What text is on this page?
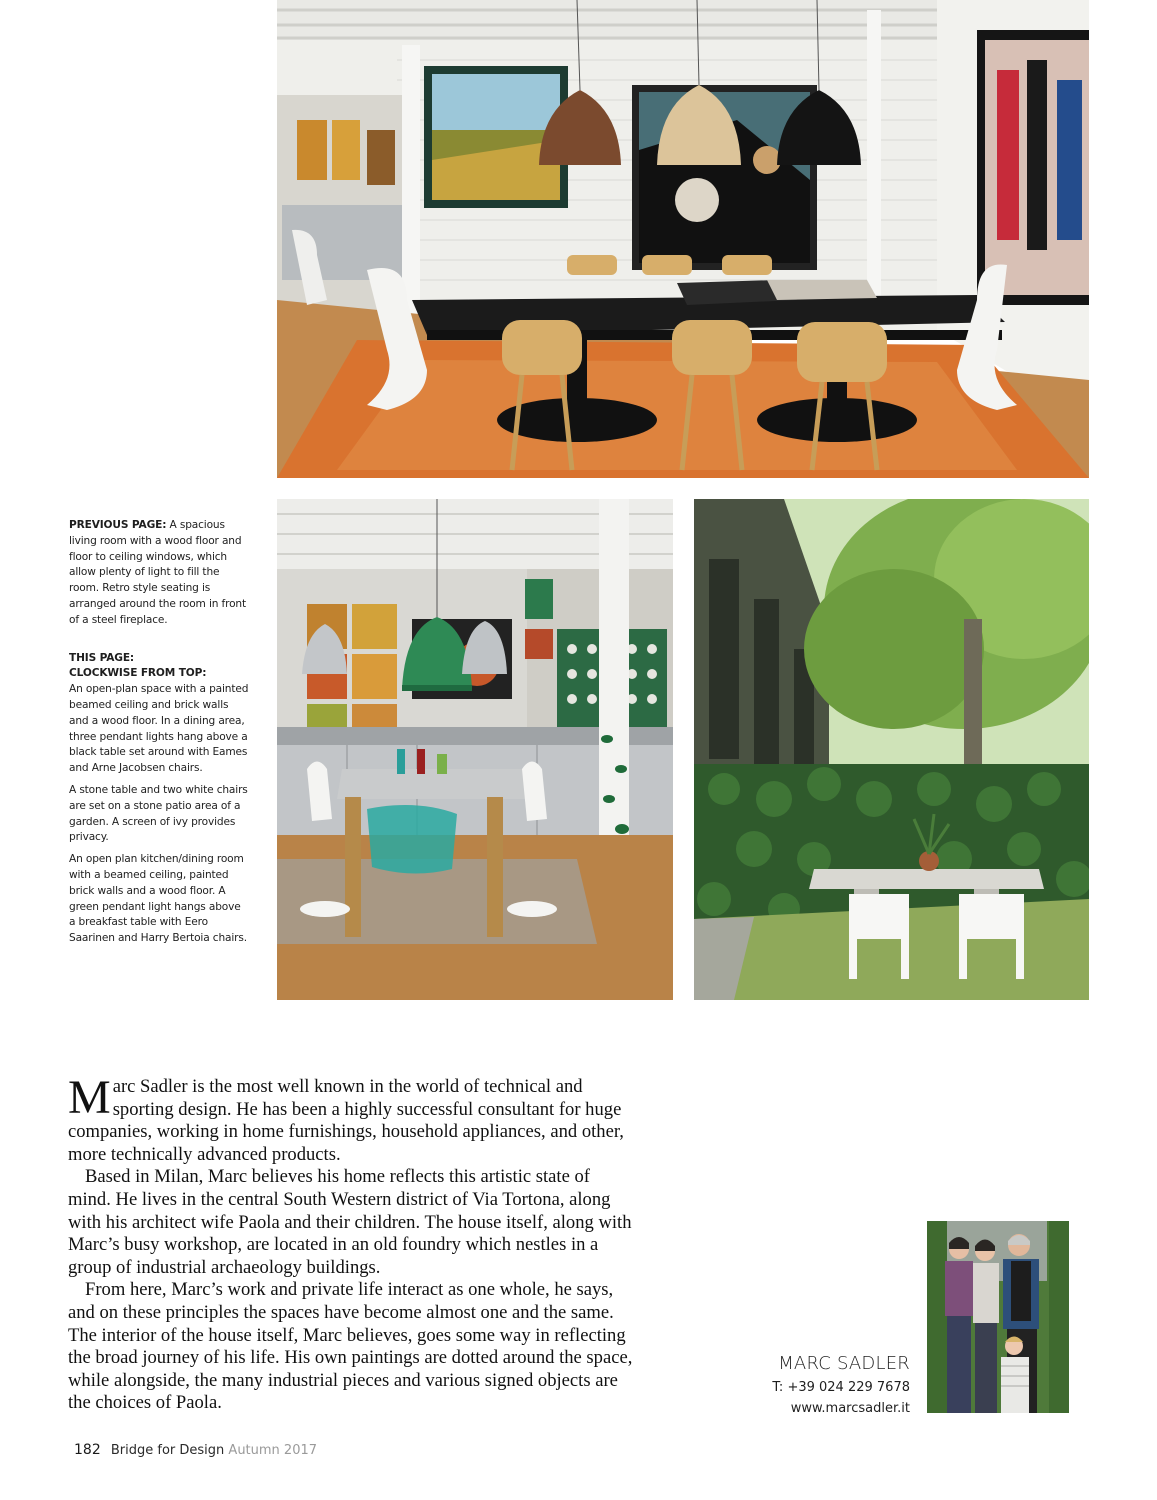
PREVIOUS PAGE: A spacious living room with a wood floor and floor to ceiling windows, which allow plenty of light to fill the room. Retro style seating is arranged around the room in front of a steel fireplace.

THIS PAGE:

CLOCKWISE FROM TOP:

An open-plan space with a painted beamed ceiling and brick walls and a wood floor. In a dining area, three pendant lights hang above a black table set around with Eames and Arne Jacobsen chairs.

A stone table and two white chairs are set on a stone patio area of a garden. A screen of ivy provides privacy.

An open plan kitchen/dining room with a beamed ceiling, painted brick walls and a wood floor. A green pendant light hangs above a breakfast table with Eero Saarinen and Harry Bertoia chairs.

Marc Sadler is the most well known in the world of technical and sporting design. He has been a highly successful consultant for huge companies, working in home furnishings, household appliances, and other, more technically advanced products.

Based in Milan, Marc believes his home reflects this artistic state of mind. He lives in the central South Western district of Via Tortona, along with his architect wife Paola and their children. The house itself, along with Marc’s busy workshop, are located in an old foundry which nestles in a group of industrial archaeology buildings.

From here, Marc’s work and private life interact as one whole, he says, and on these principles the spaces have become almost one and the same. The interior of the house itself, Marc believes, goes some way in reflecting the broad journey of his life. His own paintings are dotted around the space, while alongside, the many industrial pieces and various signed objects are the choices of Paola.

MARC SADLER
T: +39 024 229 7678
www.marcsadler.it
182 Bridge for Design Autumn 2017
